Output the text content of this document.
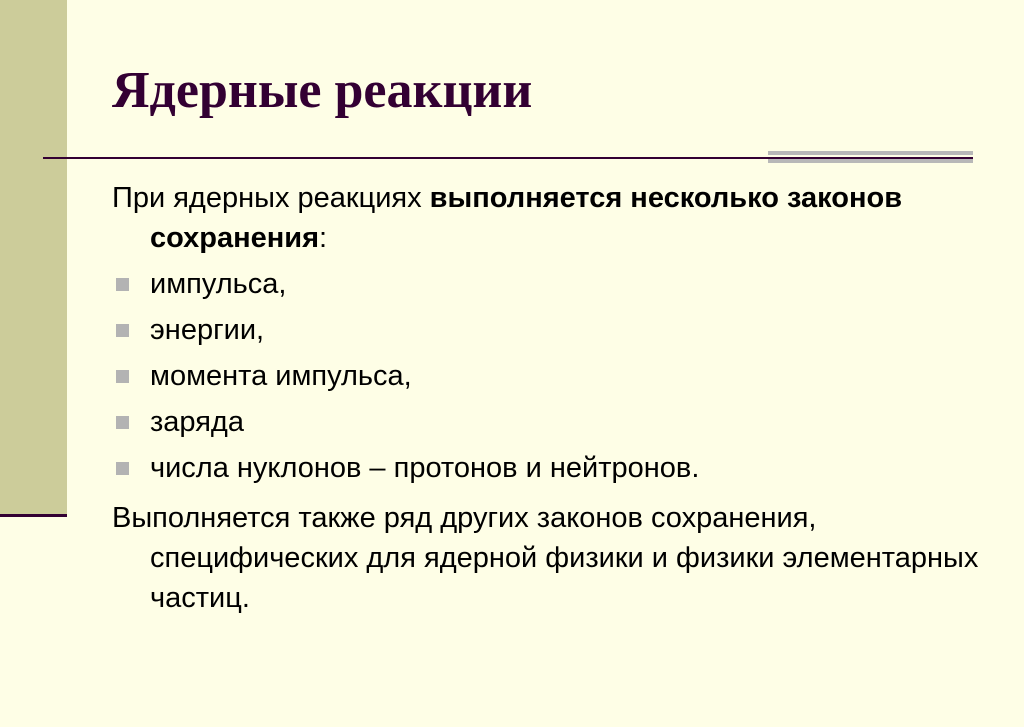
Ядерные реакции

При ядерных реакциях выполняется несколько законов сохранения:

импульса,
энергии,
момента импульса,
заряда
числа нуклонов – протонов и нейтронов.

Выполняется также ряд других законов сохранения, специфических для ядерной физики и физики элементарных частиц.
